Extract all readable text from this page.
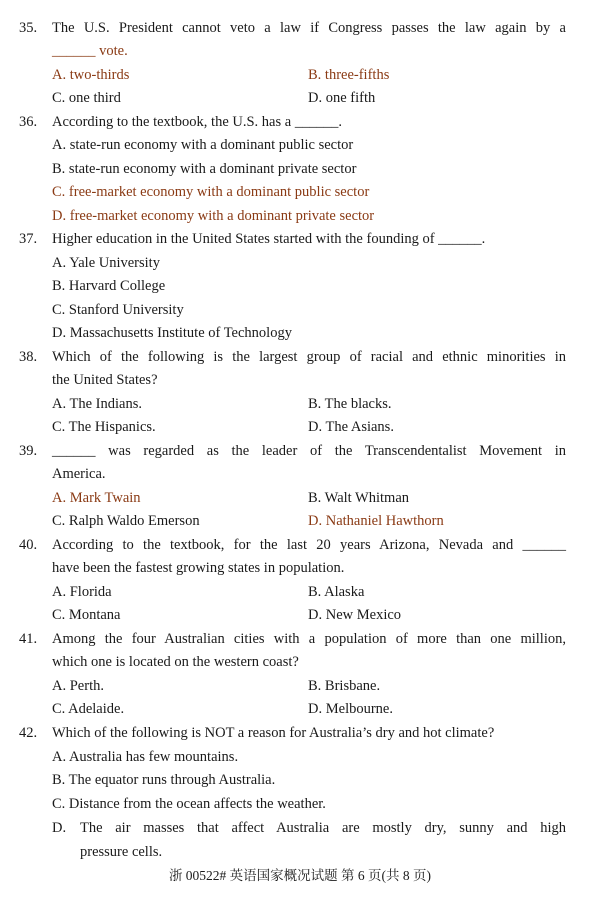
35. The U.S. President cannot veto a law if Congress passes the law again by a
______ vote.
A. two-thirds	B. three-fifths
C. one third	D. one fifth
36. According to the textbook, the U.S. has a ______.
A. state-run economy with a dominant public sector
B. state-run economy with a dominant private sector
C. free-market economy with a dominant public sector
D. free-market economy with a dominant private sector
37. Higher education in the United States started with the founding of ______.
A. Yale University
B. Harvard College
C. Stanford University
D. Massachusetts Institute of Technology
38. Which of the following is the largest group of racial and ethnic minorities in
the United States?
A. The Indians.	B. The blacks.
C. The Hispanics.	D. The Asians.
39. ______ was regarded as the leader of the Transcendentalist Movement in
America.
A. Mark Twain	B. Walt Whitman
C. Ralph Waldo Emerson	D. Nathaniel Hawthorn
40. According to the textbook, for the last 20 years Arizona, Nevada and ______
have been the fastest growing states in population.
A. Florida	B. Alaska
C. Montana	D. New Mexico
41. Among the four Australian cities with a population of more than one million,
which one is located on the western coast?
A. Perth.	B. Brisbane.
C. Adelaide.	D. Melbourne.
42. Which of the following is NOT a reason for Australia’s dry and hot climate?
A. Australia has few mountains.
B. The equator runs through Australia.
C. Distance from the ocean affects the weather.
D. The air masses that affect Australia are mostly dry, sunny and high
pressure cells.
浙 00522# 英语国家概况试题 第 6 页(共 8 页)
